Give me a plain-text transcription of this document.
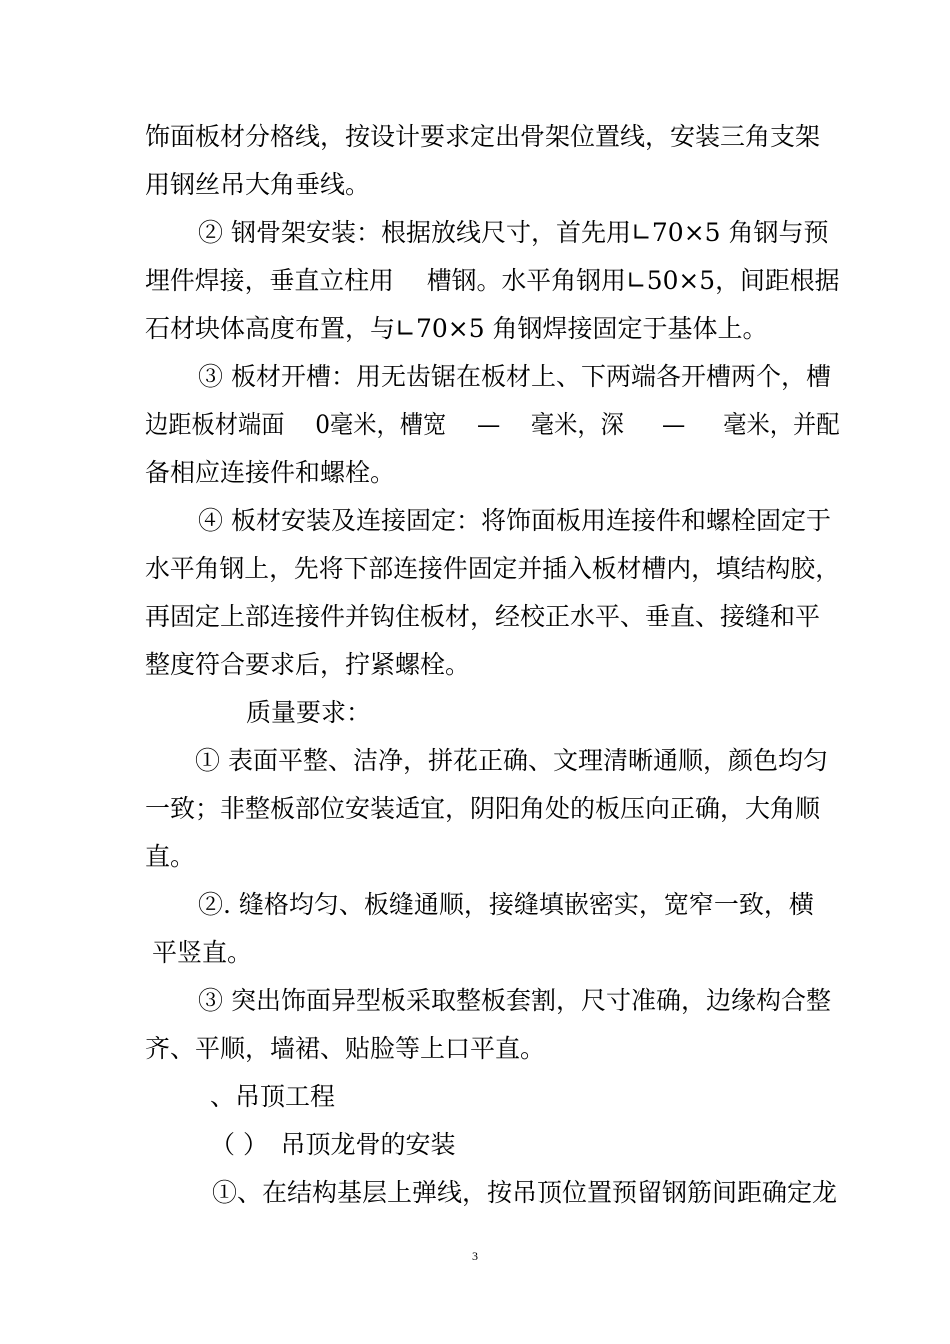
饰面板材分格线，按设计要求定出骨架位置线，安装三角支架
用钢丝吊大角垂线。
② 钢骨架安装：根据放线尺寸，首先用∟70×5 角钢与预
埋件焊接，垂直立柱用　 槽钢。水平角钢用∟50×5，间距根据
石材块体高度布置，与∟70×5 角钢焊接固定于基体上。
③ 板材开槽：用无齿锯在板材上、下两端各开槽两个，槽
边距板材端面　 0毫米，槽宽 　—　 毫米，深 　 — 　 毫米，并配
备相应连接件和螺栓。
④ 板材安装及连接固定：将饰面板用连接件和螺栓固定于
水平角钢上，先将下部连接件固定并插入板材槽内，填结构胶，
再固定上部连接件并钩住板材，经校正水平、垂直、接缝和平
整度符合要求后，拧紧螺栓。
质量要求：
① 表面平整、洁净，拼花正确、文理清晰通顺，颜色均匀
一致；非整板部位安装适宜，阴阳角处的板压向正确，大角顺
直。
②. 缝格均匀、板缝通顺，接缝填嵌密实，宽窄一致，横
平竖直。
③ 突出饰面异型板采取整板套割，尺寸准确，边缘构合整
齐、平顺，墙裙、贴脸等上口平直。
、吊顶工程
（ ）　吊顶龙骨的安装
①、在结构基层上弹线，按吊顶位置预留钢筋间距确定龙
3
